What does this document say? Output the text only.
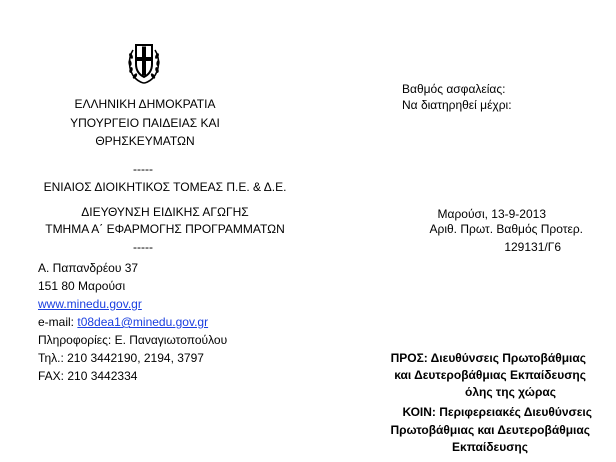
ΕΛΛΗΝΙΚΗ ΔΗΜΟΚΡΑΤΙΑ
ΥΠΟΥΡΓΕΙΟ ΠΑΙΔΕΙΑΣ ΚΑΙ
ΘΡΗΣΚΕΥΜΑΤΩΝ
-----
ΕΝΙΑΙΟΣ ΔΙΟΙΚΗΤΙΚΟΣ ΤΟΜΕΑΣ Π.Ε. & Δ.Ε.
ΔΙΕΥΘΥΝΣΗ ΕΙΔΙΚΗΣ ΑΓΩΓΗΣ
ΤΜΗΜΑ Α΄ ΕΦΑΡΜΟΓΗΣ ΠΡΟΓΡΑΜΜΑΤΩΝ
-----
Βαθμός ασφαλείας:
Να διατηρηθεί μέχρι:
Μαρούσι, 13-9-2013
Αριθ. Πρωτ. Βαθμός Προτερ.
129131/Γ6
Α. Παπανδρέου 37
151 80 Μαρούσι
www.minedu.gov.gr
e-mail: t08dea1@minedu.gov.gr
Πληροφορίες: Ε. Παναγιωτοπούλου
Τηλ.: 210 3442190, 2194, 3797
FAX: 210 3442334
ΠΡΟΣ: Διευθύνσεις Πρωτοβάθμιας
και Δευτεροβάθμιας Εκπαίδευσης
όλης της χώρας
ΚΟΙΝ: Περιφερειακές Διευθύνσεις
Πρωτοβάθμιας και Δευτεροβάθμιας
Εκπαίδευσης
